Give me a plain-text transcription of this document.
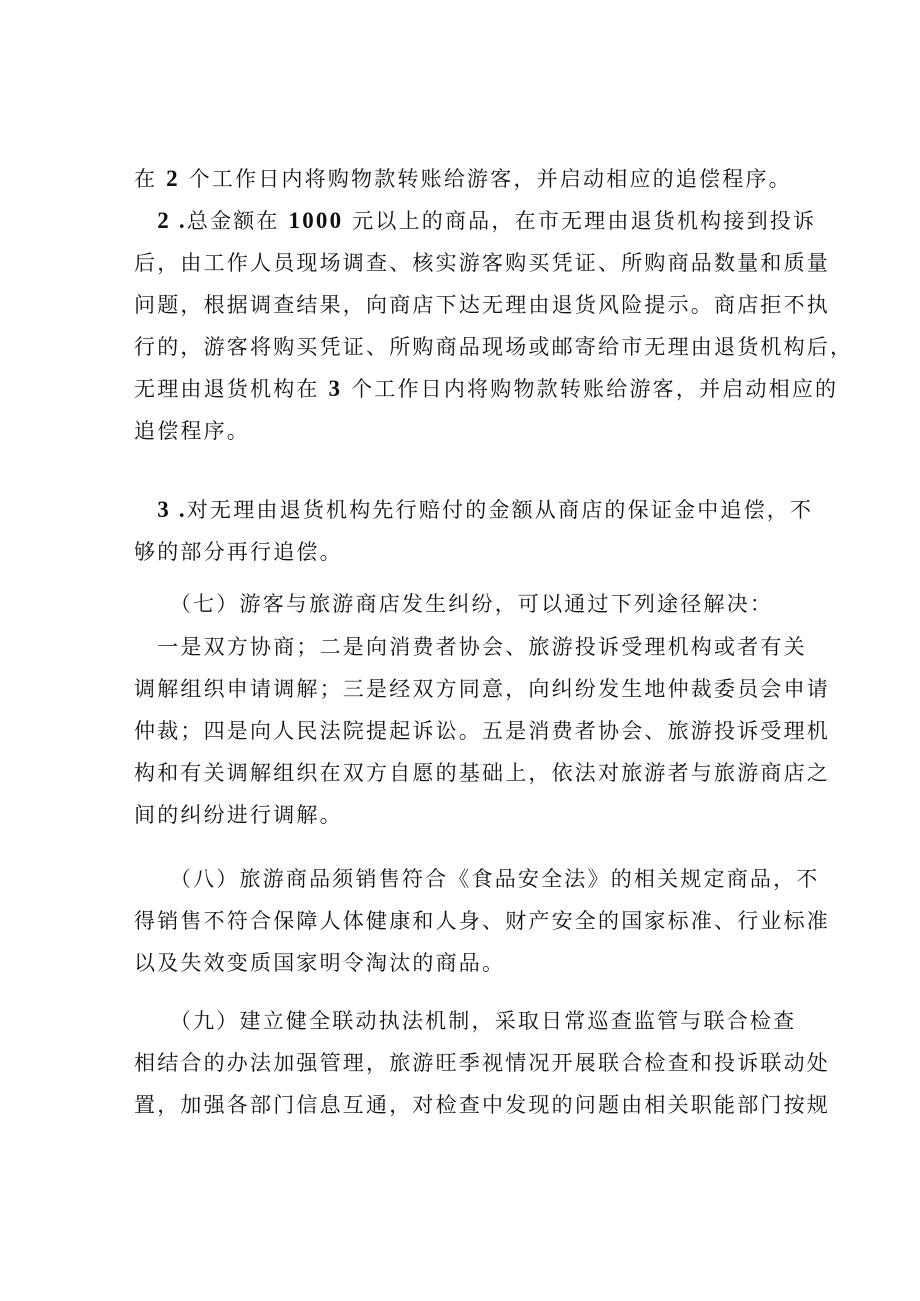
在 2 个工作日内将购物款转账给游客，并启动相应的追偿程序。
　2 .总金额在 1000 元以上的商品，在市无理由退货机构接到投诉
后，由工作人员现场调查、核实游客购买凭证、所购商品数量和质量
问题，根据调查结果，向商店下达无理由退货风险提示。商店拒不执
行的，游客将购买凭证、所购商品现场或邮寄给市无理由退货机构后，
无理由退货机构在 3 个工作日内将购物款转账给游客，并启动相应的
追偿程序。
　3 .对无理由退货机构先行赔付的金额从商店的保证金中追偿，不
够的部分再行追偿。
　　（七）游客与旅游商店发生纠纷，可以通过下列途径解决：
　一是双方协商；二是向消费者协会、旅游投诉受理机构或者有关
调解组织申请调解；三是经双方同意，向纠纷发生地仲裁委员会申请
仲裁；四是向人民法院提起诉讼。五是消费者协会、旅游投诉受理机
构和有关调解组织在双方自愿的基础上，依法对旅游者与旅游商店之
间的纠纷进行调解。
　　（八）旅游商品须销售符合《食品安全法》的相关规定商品，不
得销售不符合保障人体健康和人身、财产安全的国家标准、行业标准
以及失效变质国家明令淘汰的商品。
　　（九）建立健全联动执法机制，采取日常巡查监管与联合检查
相结合的办法加强管理，旅游旺季视情况开展联合检查和投诉联动处
置，加强各部门信息互通，对检查中发现的问题由相关职能部门按规
